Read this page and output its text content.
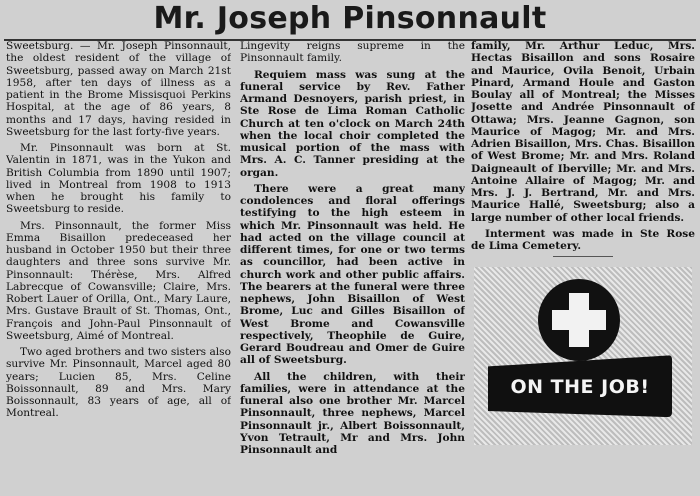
Mr. Joseph Pinsonnault

Sweetsburg. — Mr. Joseph Pinsonnault, the oldest resident of the village of Sweetsburg, passed away on March 21st 1958, after ten days of illness as a patient in the Brome Missisquoi Perkins Hospital, at the age of 86 years, 8 months and 17 days, having resided in Sweetsburg for the last forty-five years.

Mr. Pinsonnault was born at St. Valentin in 1871, was in the Yukon and British Columbia from 1890 until 1907; lived in Montreal from 1908 to 1913 when he brought his family to Sweetsburg to reside.

Mrs. Pinsonnault, the former Miss Emma Bisaillon predeceased her husband in October 1950 but their three daughters and three sons survive Mr. Pinsonnault: Thérèse, Mrs. Alfred Labrecque of Cowansville; Claire, Mrs. Robert Lauer of Orilla, Ont., Mary Laure, Mrs. Gustave Brault of St. Thomas, Ont., François and John-Paul Pinsonnault of Sweetsburg, Aimé of Montreal.

Two aged brothers and two sisters also survive Mr. Pinsonnault, Marcel aged 80 years; Lucien 85, Mrs. Celine Boissonnault, 89 and Mrs. Mary Boissonnault, 83 years of age, all of Montreal.

Lingevity reigns supreme in the Pinsonnault family.

Requiem mass was sung at the funeral service by Rev. Father Armand Desnoyers, parish priest, in Ste Rose de Lima Roman Catholic Church at ten o'clock on March 24th when the local choir completed the musical portion of the mass with Mrs. A. C. Tanner presiding at the organ.

There were a great many condolences and floral offerings testifying to the high esteem in which Mr. Pinsonnault was held. He had acted on the village council at different times, for one or two terms as councillor, had been active in church work and other public affairs. The bearers at the funeral were three nephews, John Bisaillon of West Brome, Luc and Gilles Bisaillon of West Brome and Cowansville respectively, Theophile de Guire, Gerard Boudreau and Omer de Guire all of Sweetsburg.

All the children, with their families, were in attendance at the funeral also one brother Mr. Marcel Pinsonnault, three nephews, Marcel Pinsonnault jr., Albert Boissonnault, Yvon Tetrault, Mr and Mrs. John Pinsonnault and

family, Mr. Arthur Leduc, Mrs. Hectas Bisaillon and sons Rosaire and Maurice, Ovila Benoit, Urbain Pinard, Armand Houle and Gaston Boulay all of Montreal; the Misses Josette and Andrée Pinsonnault of Ottawa; Mrs. Jeanne Gagnon, son Maurice of Magog; Mr. and Mrs. Adrien Bisaillon, Mrs. Chas. Bisaillon of West Brome; Mr. and Mrs. Roland Daigneault of Iberville; Mr. and Mrs. Antoine Allaire of Magog; Mr. and Mrs. J. J. Bertrand, Mr. and Mrs. Maurice Hallé, Sweetsburg; also a large number of other local friends.

Interment was made in Ste Rose de Lima Cemetery.

ON THE JOB!
